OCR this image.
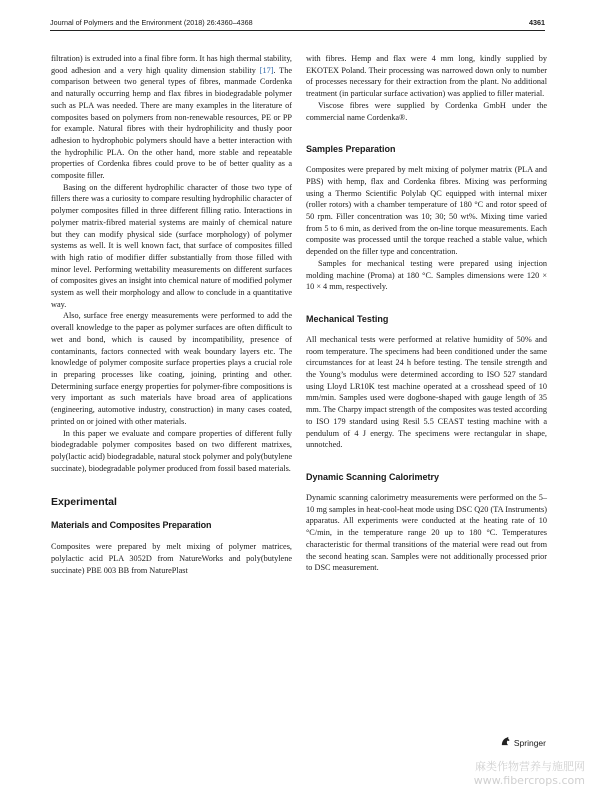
Journal of Polymers and the Environment (2018) 26:4360–4368	4361

filtration) is extruded into a final fibre form. It has high thermal stability, good adhesion and a very high quality dimension stability [17]. The comparison between two general types of fibres, manmade Cordenka and naturally occurring hemp and flax fibres in biodegradable polymer such as PLA was needed. There are many examples in the literature of composites based on polymers from non-renewable resources, PE or PP for example. Natural fibres with their hydrophilicity and thusly poor adhesion to hydrophobic polymers should have a better interaction with the hydrophilic PLA. On the other hand, more stable and repeatable properties of Cordenka fibres could prove to be of better quality as a composite filler.

Basing on the different hydrophilic character of those two type of fillers there was a curiosity to compare resulting hydrophilic character of polymer composites filled in three different filling ratio. Interactions in polymer matrix-fibred material systems are mainly of chemical nature but they can modify physical side (surface morphology) of polymer systems as well. It is well known fact, that surface of composites filled with high ratio of modifier differ substantially from those filled with minor level. Performing wettability measurements on different surfaces of composites gives an insight into chemical nature of modified polymer system as well their morphology and allow to conclude in a quantitative way.

Also, surface free energy measurements were performed to add the overall knowledge to the paper as polymer surfaces are often difficult to wet and bond, which is caused by incompatibility, presence of contaminants, factors connected with weak boundary layers etc. The knowledge of polymer composite surface properties plays a crucial role in preparing processes like coating, joining, printing and other. Determining surface energy properties for polymer-fibre compositions is very important as such materials have broad area of applications (engineering, automotive industry, construction) in many cases coated, printed on or joined with other materials.

In this paper we evaluate and compare properties of different fully biodegradable polymer composites based on two different matrixes, poly(lactic acid) biodegradable, natural stock polymer and poly(butylene succinate), biodegradable polymer produced from fossil based materials.

Experimental
Materials and Composites Preparation

Composites were prepared by melt mixing of polymer matrices, polylactic acid PLA 3052D from NatureWorks and poly(butylene succinate) PBE 003 BB from NaturePlast

with fibres. Hemp and flax were 4 mm long, kindly supplied by EKOTEX Poland. Their processing was narrowed down only to number of processes necessary for their extraction from the plant. No additional treatment (in particular surface activation) was applied to filler material.

Viscose fibres were supplied by Cordenka GmbH under the commercial name Cordenka®.

Samples Preparation

Composites were prepared by melt mixing of polymer matrix (PLA and PBS) with hemp, flax and Cordenka fibres. Mixing was performing using a Thermo Scientific Polylab QC equipped with internal mixer (roller rotors) with a chamber temperature of 180 °C and rotor speed of 50 rpm. Filler concentration was 10; 30; 50 wt%. Mixing time varied from 5 to 6 min, as derived from the on-line torque measurements. Each composite was processed until the torque reached a stable value, which depended on the filler type and concentration.

Samples for mechanical testing were prepared using injection molding machine (Proma) at 180 °C. Samples dimensions were 120 × 10 × 4 mm, respectively.

Mechanical Testing

All mechanical tests were performed at relative humidity of 50% and room temperature. The specimens had been conditioned under the same circumstances for at least 24 h before testing. The tensile strength and the Young’s modulus were determined according to ISO 527 standard using Lloyd LR10K test machine operated at a crosshead speed of 10 mm/min. Samples used were dogbone-shaped with gauge length of 35 mm. The Charpy impact strength of the composites was tested according to ISO 179 standard using Resil 5.5 CEAST testing machine with a pendulum of 4 J energy. The specimens were rectangular in shape, unnotched.

Dynamic Scanning Calorimetry

Dynamic scanning calorimetry measurements were performed on the 5–10 mg samples in heat-cool-heat mode using DSC Q20 (TA Instruments) apparatus. All experiments were conducted at the heating rate of 10 °C/min, in the temperature range 20 up to 180 °C. Temperatures characteristic for thermal transitions of the material were read out from the second heating scan. Samples were not additionally processed prior to DSC measurement.

Springer
麻类作物营养与施肥网
www.fibercrops.com
